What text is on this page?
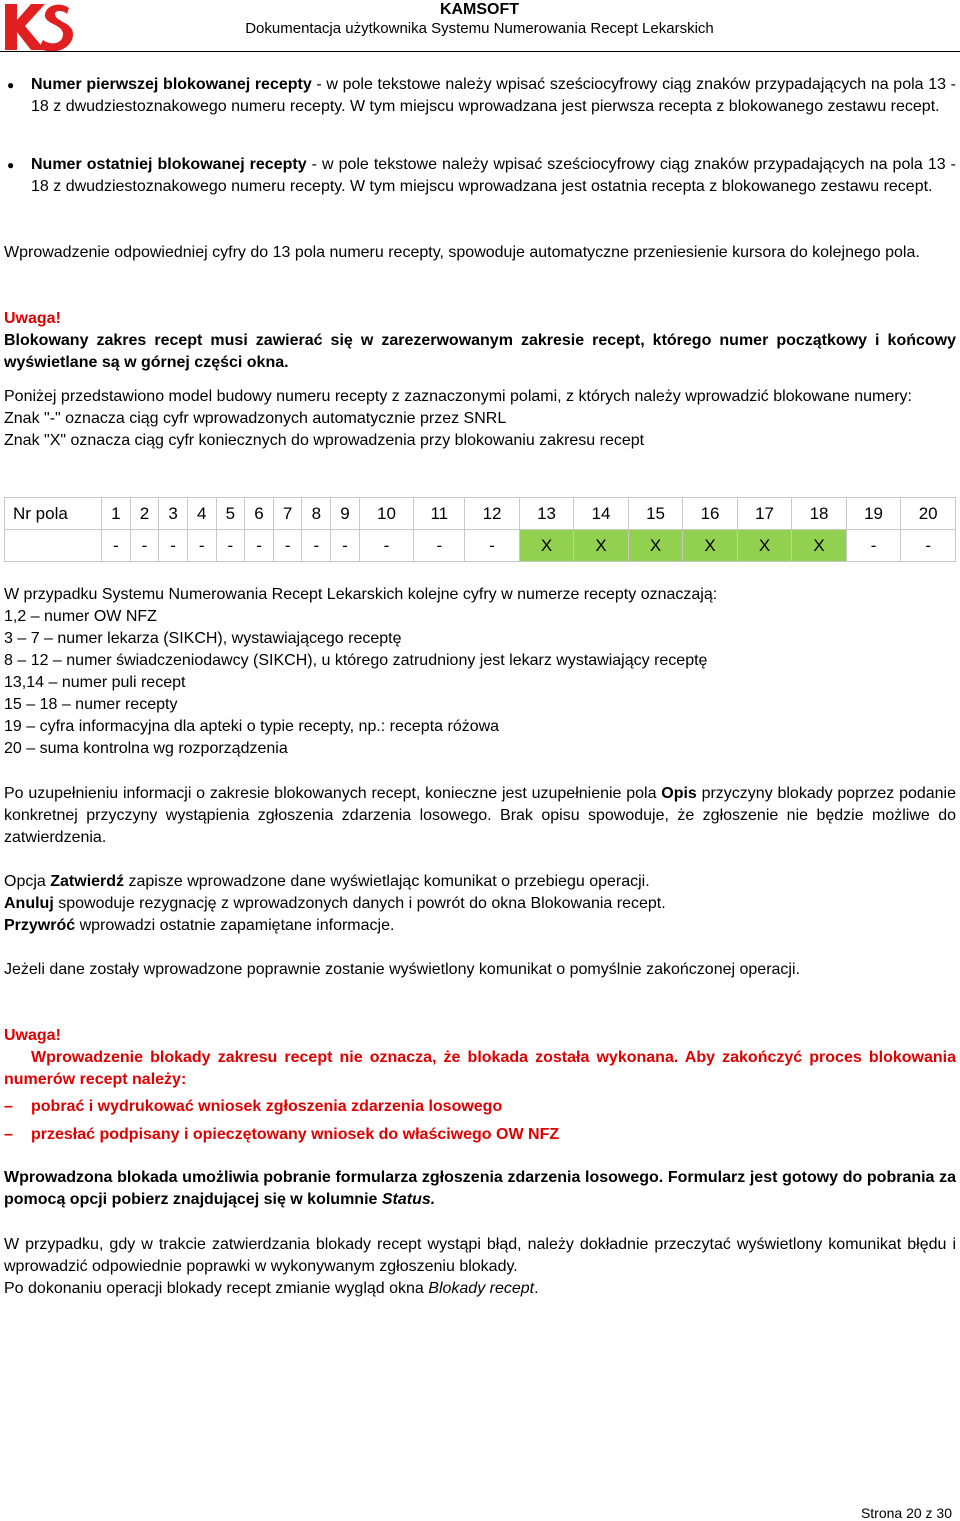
KAMSOFT
Dokumentacja użytkownika Systemu Numerowania Recept Lekarskich
● Numer pierwszej blokowanej recepty - w pole tekstowe należy wpisać sześciocyfrowy ciąg znaków przypadających na pola 13 - 18 z dwudziestoznakowego numeru recepty. W tym miejscu wprowadzana jest pierwsza recepta z blokowanego zestawu recept.
● Numer ostatniej blokowanej recepty - w pole tekstowe należy wpisać sześciocyfrowy ciąg znaków przypadających na pola 13 - 18 z dwudziestoznakowego numeru recepty. W tym miejscu wprowadzana jest ostatnia recepta z blokowanego zestawu recept.
Wprowadzenie odpowiedniej cyfry do 13 pola numeru recepty, spowoduje automatyczne przeniesienie kursora do kolejnego pola.
Uwaga!
Blokowany zakres recept musi zawierać się w zarezerwowanym zakresie recept, którego numer początkowy i końcowy wyświetlane są w górnej części okna.
Poniżej przedstawiono model budowy numeru recepty z zaznaczonymi polami, z których należy wprowadzić blokowane numery:
Znak "-" oznacza ciąg cyfr wprowadzonych automatycznie przez SNRL
Znak "X" oznacza ciąg cyfr koniecznych do wprowadzenia przy blokowaniu zakresu recept
Nr pola	1	2	3	4	5	6	7	8	9	10	11	12	13	14	15	16	17	18	19	20
	-	-	-	-	-	-	-	-	-	-	-	-	X	X	X	X	X	X	-	-
W przypadku Systemu Numerowania Recept Lekarskich kolejne cyfry w numerze recepty oznaczają:
1,2 – numer OW NFZ
3 – 7 – numer lekarza (SIKCH), wystawiającego receptę
8 – 12 – numer świadczeniodawcy (SIKCH), u którego zatrudniony jest lekarz wystawiający receptę
13,14 – numer puli recept
15 – 18 – numer recepty
19 – cyfra informacyjna dla apteki o typie recepty, np.: recepta różowa
20 – suma kontrolna wg rozporządzenia
Po uzupełnieniu informacji o zakresie blokowanych recept, konieczne jest uzupełnienie pola Opis przyczyny blokady poprzez podanie konkretnej przyczyny wystąpienia zgłoszenia zdarzenia losowego. Brak opisu spowoduje, że zgłoszenie nie będzie możliwe do zatwierdzenia.
Opcja Zatwierdź zapisze wprowadzone dane wyświetlając komunikat o przebiegu operacji.
Anuluj spowoduje rezygnację z wprowadzonych danych i powrót do okna Blokowania recept.
Przywróć wprowadzi ostatnie zapamiętane informacje.
Jeżeli dane zostały wprowadzone poprawnie zostanie wyświetlony komunikat o pomyślnie zakończonej operacji.
Uwaga!
Wprowadzenie blokady zakresu recept nie oznacza, że blokada została wykonana. Aby zakończyć proces blokowania numerów recept należy:
– pobrać i wydrukować wniosek zgłoszenia zdarzenia losowego
– przesłać podpisany i opieczętowany wniosek do właściwego OW NFZ
Wprowadzona blokada umożliwia pobranie formularza zgłoszenia zdarzenia losowego. Formularz jest gotowy do pobrania za pomocą opcji pobierz znajdującej się w kolumnie Status.
W przypadku, gdy w trakcie zatwierdzania blokady recept wystąpi błąd, należy dokładnie przeczytać wyświetlony komunikat błędu i wprowadzić odpowiednie poprawki w wykonywanym zgłoszeniu blokady.
Po dokonaniu operacji blokady recept zmianie wygląd okna Blokady recept.
Strona 20 z 30
